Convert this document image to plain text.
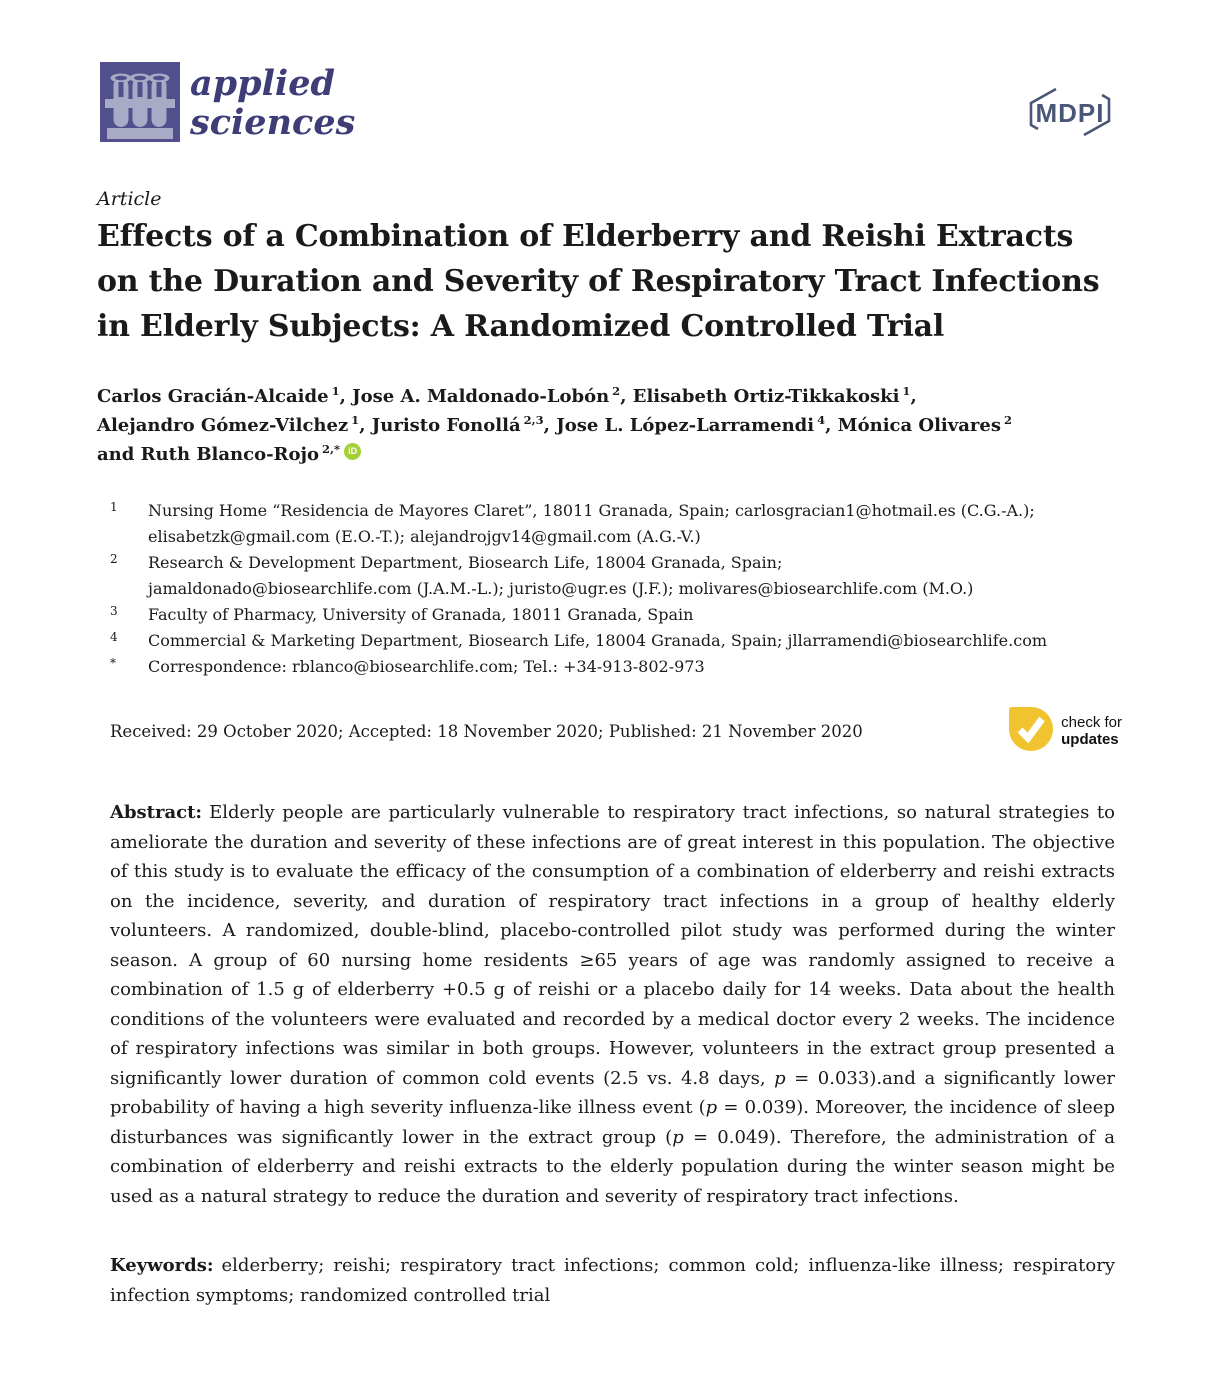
applied
sciences	MDPI
Article
Effects of a Combination of Elderberry and Reishi Extracts on the Duration and Severity of Respiratory Tract Infections in Elderly Subjects: A Randomized Controlled Trial
Carlos Gracián-Alcaide $^1$, Jose A. Maldonado-Lobón $^2$, Elisabeth Ortiz-Tikkakoski $^1$,
Alejandro Gómez-Vilchez $^1$, Juristo Fonollá $^{2,3}$, Jose L. López-Larramendi $^4$, Mónica Olivares $^2$
and Ruth Blanco-Rojo $^{2,*}$ iD
1	Nursing Home “Residencia de Mayores Claret”, 18011 Granada, Spain; carlosgracian1@hotmail.es (C.G.-A.);
elisabetzk@gmail.com (E.O.-T.); alejandrojgv14@gmail.com (A.G.-V.)
2	Research & Development Department, Biosearch Life, 18004 Granada, Spain;
jamaldonado@biosearchlife.com (J.A.M.-L.); juristo@ugr.es (J.F.); molivares@biosearchlife.com (M.O.)
3	Faculty of Pharmacy, University of Granada, 18011 Granada, Spain
4	Commercial & Marketing Department, Biosearch Life, 18004 Granada, Spain; jllarramendi@biosearchlife.com
*	Correspondence: rblanco@biosearchlife.com; Tel.: +34-913-802-973
Received: 29 October 2020; Accepted: 18 November 2020; Published: 21 November 2020	check for
updates

Abstract: Elderly people are particularly vulnerable to respiratory tract infections, so natural strategies to ameliorate the duration and severity of these infections are of great interest in this population. The objective of this study is to evaluate the efficacy of the consumption of a combination of elderberry and reishi extracts on the incidence, severity, and duration of respiratory tract infections in a group of healthy elderly volunteers. A randomized, double-blind, placebo-controlled pilot study was performed during the winter season. A group of 60 nursing home residents ≥65 years of age was randomly assigned to receive a combination of 1.5 g of elderberry +0.5 g of reishi or a placebo daily for 14 weeks. Data about the health conditions of the volunteers were evaluated and recorded by a medical doctor every 2 weeks. The incidence of respiratory infections was similar in both groups. However, volunteers in the extract group presented a significantly lower duration of common cold events (2.5 vs. 4.8 days, p = 0.033).and a significantly lower probability of having a high severity influenza-like illness event (p = 0.039). Moreover, the incidence of sleep disturbances was significantly lower in the extract group (p = 0.049). Therefore, the administration of a combination of elderberry and reishi extracts to the elderly population during the winter season might be used as a natural strategy to reduce the duration and severity of respiratory tract infections.

Keywords: elderberry; reishi; respiratory tract infections; common cold; influenza-like illness; respiratory infection symptoms; randomized controlled trial
